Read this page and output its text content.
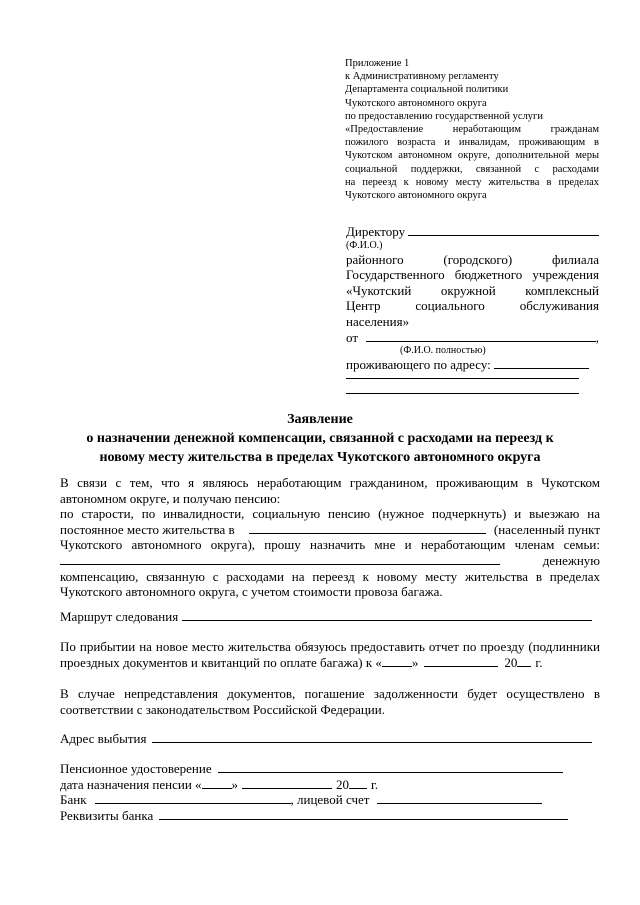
Приложение 1
к Административному регламенту
Департамента социальной политики
Чукотского автономного округа
по предоставлению государственной услуги
«Предоставление неработающим гражданам
пожилого возраста и инвалидам, проживающим в
Чукотском автономном округе, дополнительной меры
социальной поддержки, связанной с расходами
на переезд к новому месту жительства в пределах
Чукотского автономного округа
Директору
(Ф.И.О.)
районного (городского) филиала
Государственного бюджетного учреждения
«Чукотский окружной комплексный
Центр социального обслуживания
населения»
от	,
(Ф.И.О. полностью)
проживающего по адресу:
Заявление
о назначении денежной компенсации, связанной с расходами на переезд к
новому месту жительства в пределах Чукотского автономного округа
В связи с тем, что я являюсь неработающим гражданином, проживающим в Чукотском
автономном округе, и получаю пенсию:
по старости, по инвалидности, социальную пенсию (нужное подчеркнуть) и выезжаю на
постоянное место жительства в	(населенный пункт
Чукотского автономного округа), прошу назначить мне и неработающим членам семьи:
денежную
компенсацию, связанную с расходами на переезд к новому месту жительства в пределах
Чукотского автономного округа, с учетом стоимости провоза багажа.
Маршрут следования
По прибытии на новое место жительства обязуюсь предоставить отчет по проезду (подлинники
проездных документов и квитанций по оплате багажа) к « »	20 г.
В случае непредставления документов, погашение задолженности будет осуществлено в
соответствии с законодательством Российской Федерации.
Адрес выбытия
Пенсионное удостоверение
дата назначения пенсии « »	20 г.
Банк	, лицевой счет
Реквизиты банка
